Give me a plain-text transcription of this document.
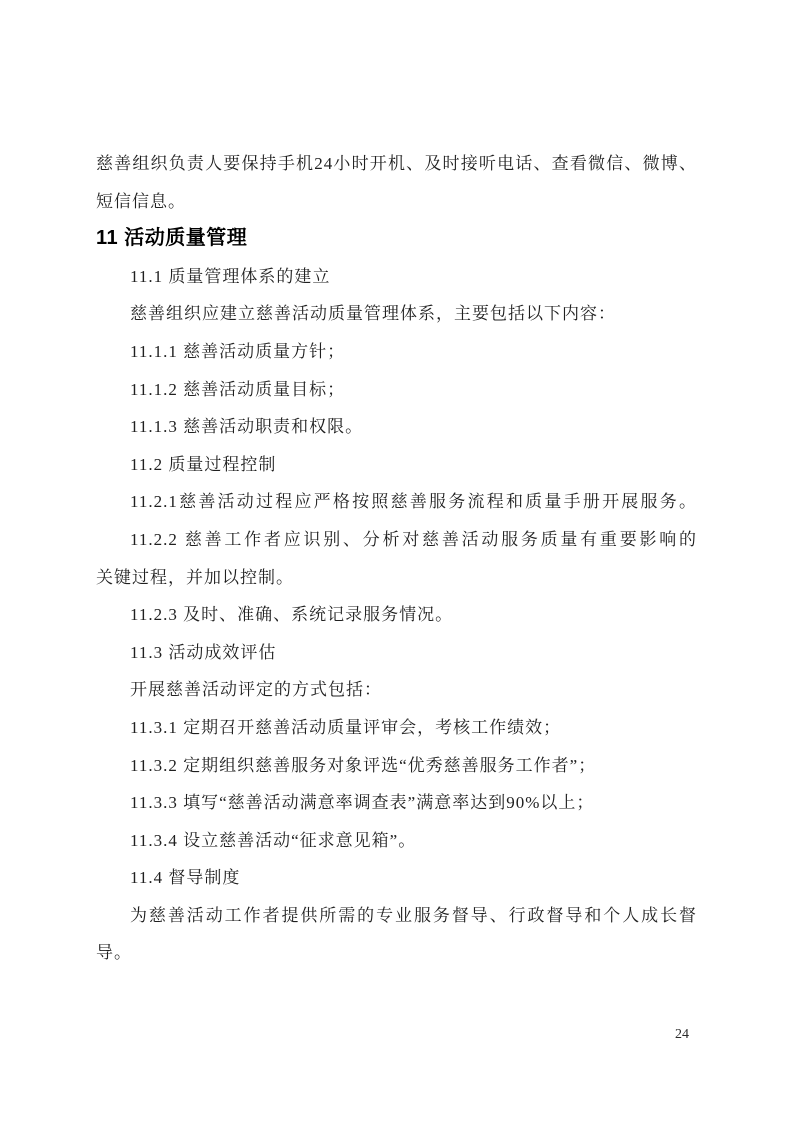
慈善组织负责人要保持手机24小时开机、及时接听电话、查看微信、微博、

短信信息。

11 活动质量管理

11.1 质量管理体系的建立

慈善组织应建立慈善活动质量管理体系，主要包括以下内容：

11.1.1 慈善活动质量方针；

11.1.2 慈善活动质量目标；

11.1.3 慈善活动职责和权限。

11.2 质量过程控制

11.2.1慈善活动过程应严格按照慈善服务流程和质量手册开展服务。

11.2.2 慈善工作者应识别、分析对慈善活动服务质量有重要影响的

关键过程，并加以控制。

11.2.3 及时、准确、系统记录服务情况。

11.3 活动成效评估

开展慈善活动评定的方式包括：

11.3.1 定期召开慈善活动质量评审会，考核工作绩效；

11.3.2 定期组织慈善服务对象评选“优秀慈善服务工作者”；

11.3.3 填写“慈善活动满意率调查表”满意率达到90%以上；

11.3.4 设立慈善活动“征求意见箱”。

11.4 督导制度

为慈善活动工作者提供所需的专业服务督导、行政督导和个人成长督

导。

24
